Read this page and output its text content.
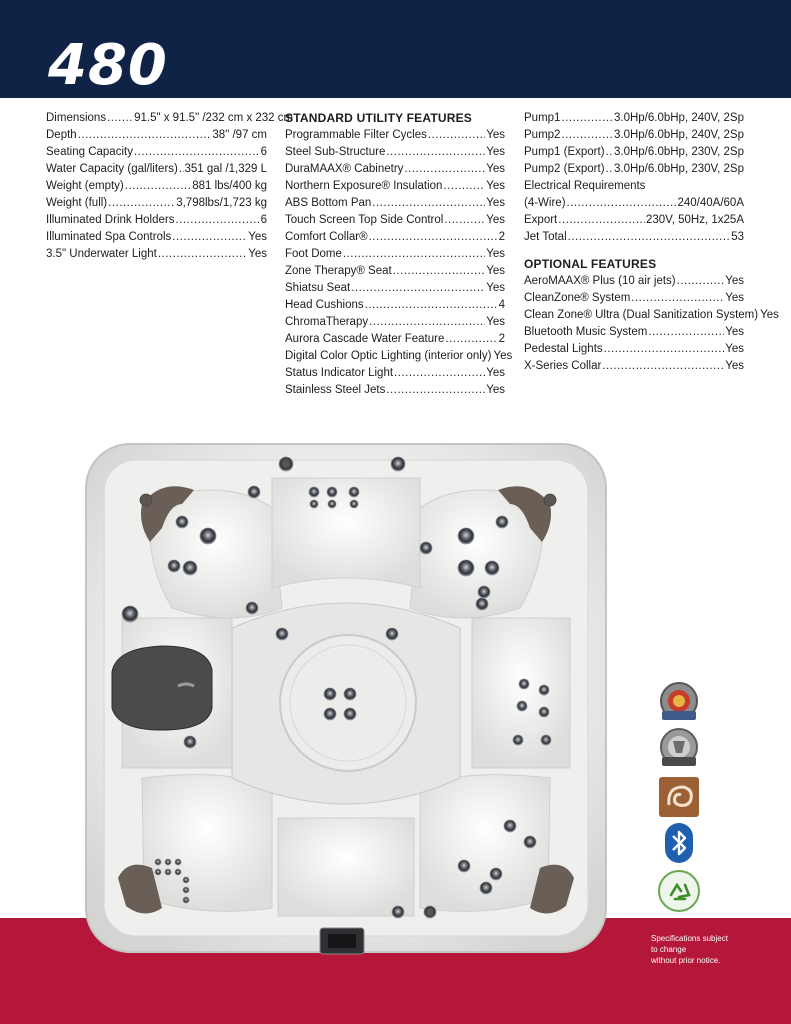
480
Dimensions ..... 91.5" x 91.5" /232 cm x 232 cm
Depth .....	38" /97 cm
Seating Capacity .....	6
Water Capacity (gal/liters) ..... 351 gal /1,329 L
Weight (empty) .....	881 lbs/400 kg
Weight (full) .....	3,798lbs/1,723 kg
Illuminated Drink Holders .....	6
Illuminated Spa Controls .....	Yes
3.5" Underwater Light .....	Yes
STANDARD UTILITY FEATURES
Programmable Filter Cycles .....	Yes
Steel Sub-Structure .....	Yes
DuraMAAX® Cabinetry .....	Yes
Northern Exposure® Insulation .....	Yes
ABS Bottom Pan .....	Yes
Touch Screen Top Side Control .....	Yes
Comfort Collar® .....	2
Foot Dome .....	Yes
Zone Therapy® Seat .....	Yes
Shiatsu Seat .....	Yes
Head Cushions .....	4
ChromaTherapy .....	Yes
Aurora Cascade Water Feature .....	2
Digital Color Optic Lighting (interior only) Yes
Status Indicator Light .....	Yes
Stainless Steel Jets .....	Yes
Pump1 .....	3.0Hp/6.0bHp, 240V, 2Sp
Pump2 .....	3.0Hp/6.0bHp, 240V, 2Sp
Pump1 (Export) ..... 3.0Hp/6.0bHp, 230V, 2Sp
Pump2 (Export) ..... 3.0Hp/6.0bHp, 230V, 2Sp
Electrical Requirements
(4-Wire) .....	240/40A/60A
Export .....	230V, 50Hz, 1x25A
Jet Total .....	53
OPTIONAL FEATURES
AeroMAAX® Plus (10 air jets) .....	Yes
CleanZone® System .....	Yes
Clean Zone® Ultra (Dual Sanitization System) Yes
Bluetooth Music System .....	Yes
Pedestal Lights .....	Yes
X-Series Collar .....	Yes
Specifications subject
to change
without prior notice.
